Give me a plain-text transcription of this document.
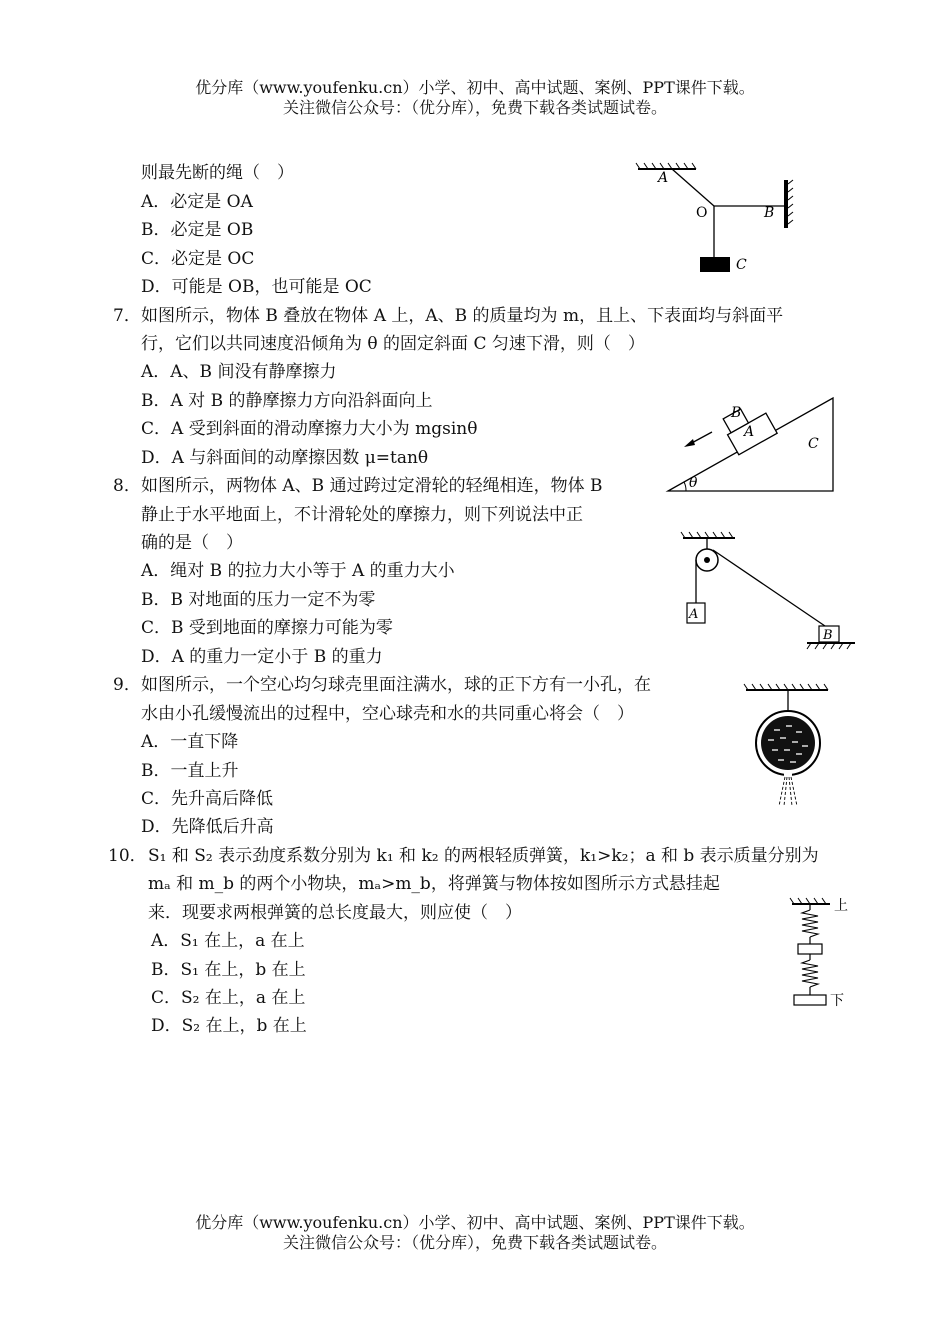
优分库（www.youfenku.cn）小学、初中、高中试题、案例、PPT课件下载。
关注微信公众号：（优分库），免费下载各类试题试卷。
则最先断的绳（　）
A．必定是 OA
B．必定是 OB
C．必定是 OC
D．可能是 OB，也可能是 OC
A
O	B
C
7． 如图所示，物体 B 叠放在物体 A 上，A、B 的质量均为 m，且上、下表面均与斜面平
行，它们以共同速度沿倾角为 θ 的固定斜面 C 匀速下滑，则（　）
A．A、B 间没有静摩擦力
B．A 对 B 的静摩擦力方向沿斜面向上
C．A 受到斜面的滑动摩擦力大小为 mgsinθ
D．A 与斜面间的动摩擦因数 μ=tanθ
θ
B
A
C
8． 如图所示，两物体 A、B 通过跨过定滑轮的轻绳相连，物体 B
静止于水平地面上，不计滑轮处的摩擦力，则下列说法中正
确的是（　）
A．绳对 B 的拉力大小等于 A 的重力大小
B．B 对地面的压力一定不为零
C．B 受到地面的摩擦力可能为零
D．A 的重力一定小于 B 的重力
A
B
9． 如图所示，一个空心均匀球壳里面注满水，球的正下方有一小孔，在
水由小孔缓慢流出的过程中，空心球壳和水的共同重心将会（　）
A．一直下降
B．一直上升
C．先升高后降低
D．先降低后升高
10． S₁ 和 S₂ 表示劲度系数分别为 k₁ 和 k₂ 的两根轻质弹簧，k₁>k₂；a 和 b 表示质量分别为
mₐ 和 m_b 的两个小物块，mₐ>m_b，将弹簧与物体按如图所示方式悬挂起
来．现要求两根弹簧的总长度最大，则应使（　）
A．S₁ 在上，a 在上
B．S₁ 在上，b 在上
C．S₂ 在上，a 在上
D．S₂ 在上，b 在上
上
下
优分库（www.youfenku.cn）小学、初中、高中试题、案例、PPT课件下载。
关注微信公众号：（优分库），免费下载各类试题试卷。
